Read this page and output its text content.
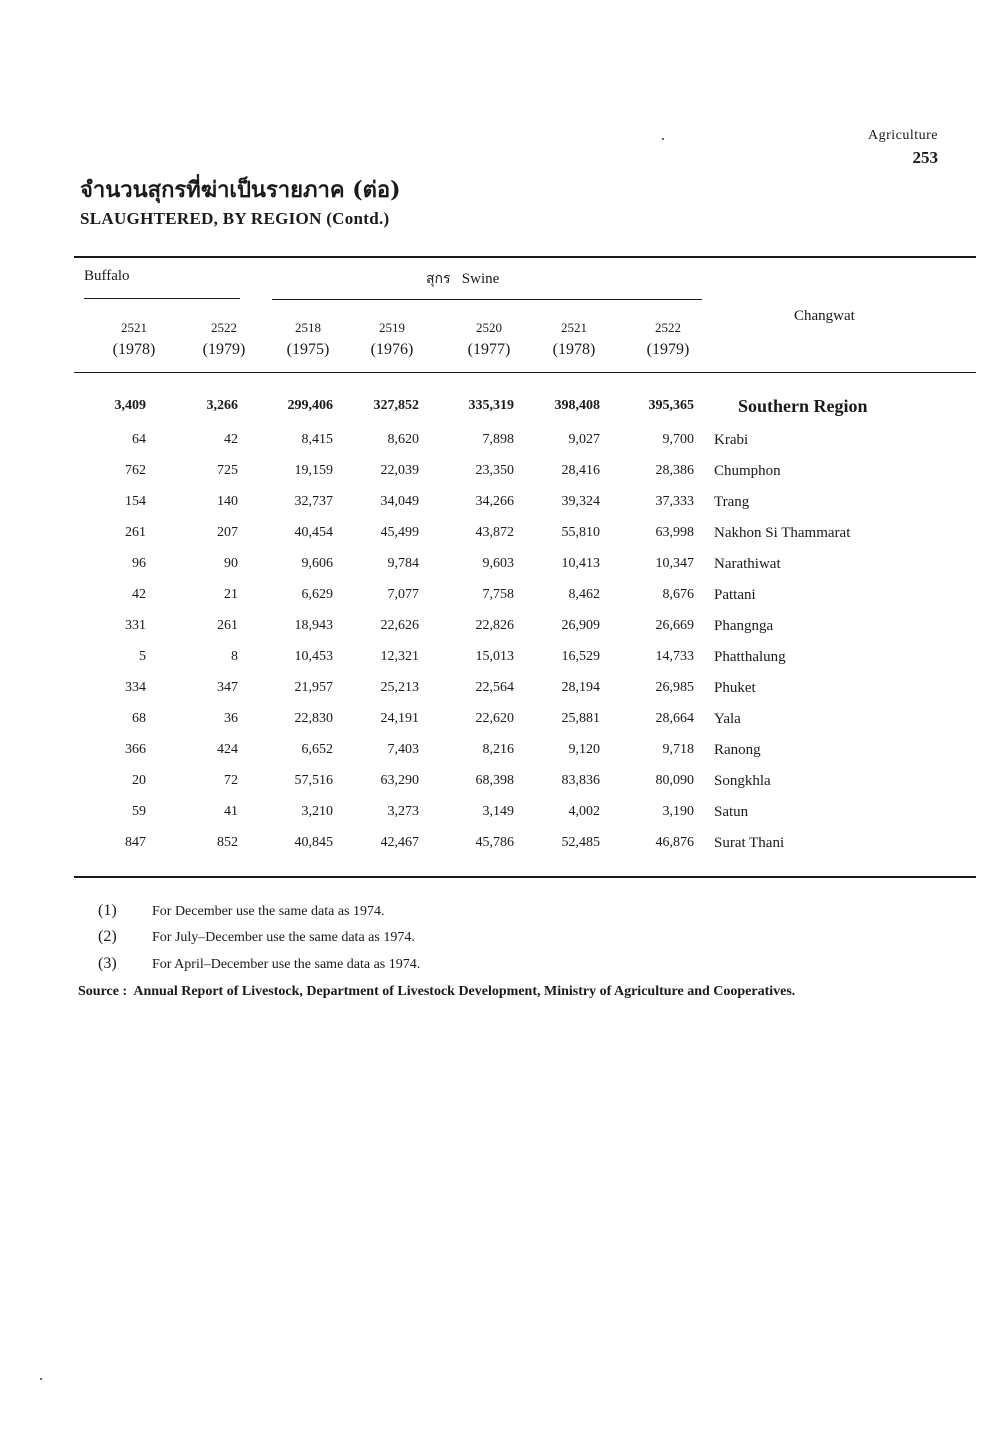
Agriculture
253
จำนวนสุกรที่ฆ่าเป็นรายภาค (ต่อ)
SLAUGHTERED, BY REGION (Contd.)
Buffalo	สุกร Swine
Changwat
2521
(1978)
2522
(1979)
2518
(1975)
2519
(1976)
2520
(1977)
2521
(1978)
2522
(1979)
3,409	3,266	299,406	327,852	335,319	398,408	395,365 Southern Region
64	42	8,415	8,620	7,898	9,027	9,700 Krabi
762	725	19,159	22,039	23,350	28,416	28,386 Chumphon
154	140	32,737	34,049	34,266	39,324	37,333 Trang
261	207	40,454	45,499	43,872	55,810	63,998 Nakhon Si Thammarat
96	90	9,606	9,784	9,603	10,413	10,347 Narathiwat
42	21	6,629	7,077	7,758	8,462	8,676 Pattani
331	261	18,943	22,626	22,826	26,909	26,669 Phangnga
5	8	10,453	12,321	15,013	16,529	14,733 Phatthalung
334	347	21,957	25,213	22,564	28,194	26,985 Phuket
68	36	22,830	24,191	22,620	25,881	28,664 Yala
366	424	6,652	7,403	8,216	9,120	9,718 Ranong
20	72	57,516	63,290	68,398	83,836	80,090 Songkhla
59	41	3,210	3,273	3,149	4,002	3,190 Satun
847	852	40,845	42,467	45,786	52,485	46,876 Surat Thani
(1)	For December use the same data as 1974.
(2)	For July–December use the same data as 1974.
(3)	For April–December use the same data as 1974.
Source : Annual Report of Livestock, Department of Livestock Development, Ministry of Agriculture and Cooperatives.
